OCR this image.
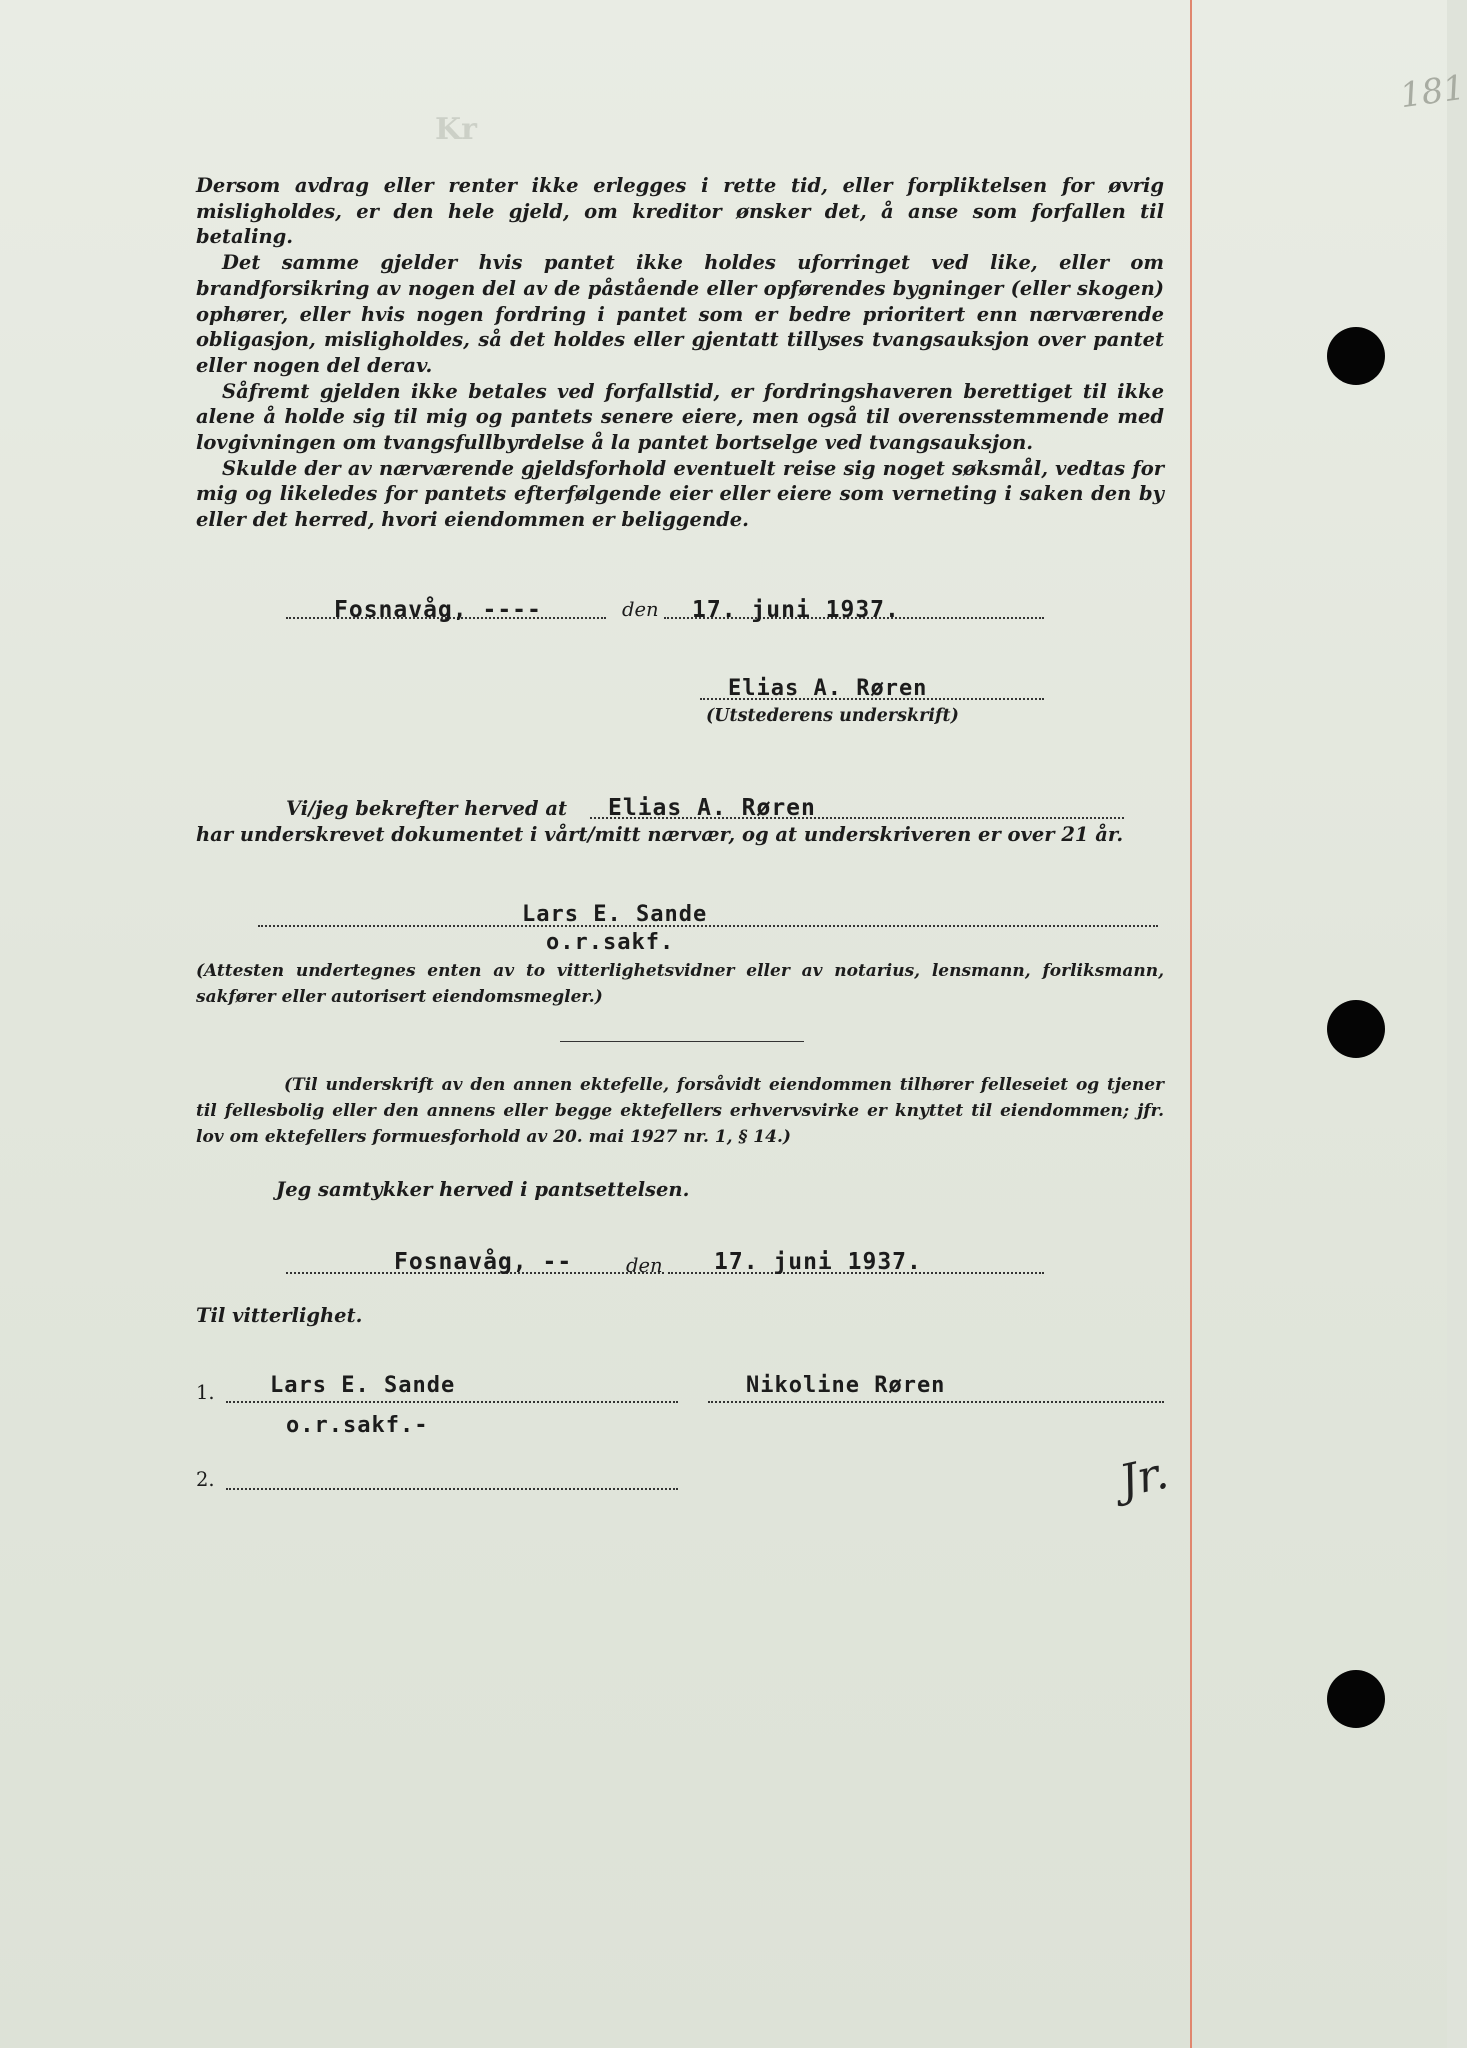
181
Kr

Dersom avdrag eller renter ikke erlegges i rette tid, eller forpliktelsen for øvrig misligholdes, er den hele gjeld, om kreditor ønsker det, å anse som forfallen til betaling.

Det samme gjelder hvis pantet ikke holdes uforringet ved like, eller om brandforsikring av nogen del av de påstående eller opførendes bygninger (eller skogen) ophører, eller hvis nogen fordring i pantet som er bedre prioritert enn nærværende obligasjon, misligholdes, så det holdes eller gjentatt tillyses tvangsauksjon over pantet eller nogen del derav.

Såfremt gjelden ikke betales ved forfallstid, er fordringshaveren berettiget til ikke alene å holde sig til mig og pantets senere eiere, men også til overensstemmende med lovgivningen om tvangsfullbyrdelse å la pantet bortselge ved tvangsauksjon.

Skulde der av nærværende gjeldsforhold eventuelt reise sig noget søksmål, vedtas for mig og likeledes for pantets efterfølgende eier eller eiere som verneting i saken den by eller det herred, hvori eiendommen er beliggende.

Fosnavåg, ----	den 17. juni 1937.
Elias A. Røren
(Utstederens underskrift)
Vi/jeg bekrefter herved at Elias A. Røren
har underskrevet dokumentet i vårt/mitt nærvær, og at underskriveren er over 21 år.
Lars E. Sande
o.r.sakf.
(Attesten undertegnes enten av to vitterlighetsvidner eller av notarius, lensmann, forliksmann, sakfører eller autorisert eiendomsmegler.)
(Til underskrift av den annen ektefelle, forsåvidt eiendommen tilhører felleseiet og tjener til fellesbolig eller den annens eller begge ektefellers erhvervsvirke er knyttet til eiendommen; jfr. lov om ektefellers formuesforhold av 20. mai 1927 nr. 1, § 14.)
Jeg samtykker herved i pantsettelsen.
Fosnavåg, --	den 17. juni 1937.
Til vitterlighet.
1.	Lars E. Sande
o.r.sakf.-
Nikoline Røren
2.	Jr.
